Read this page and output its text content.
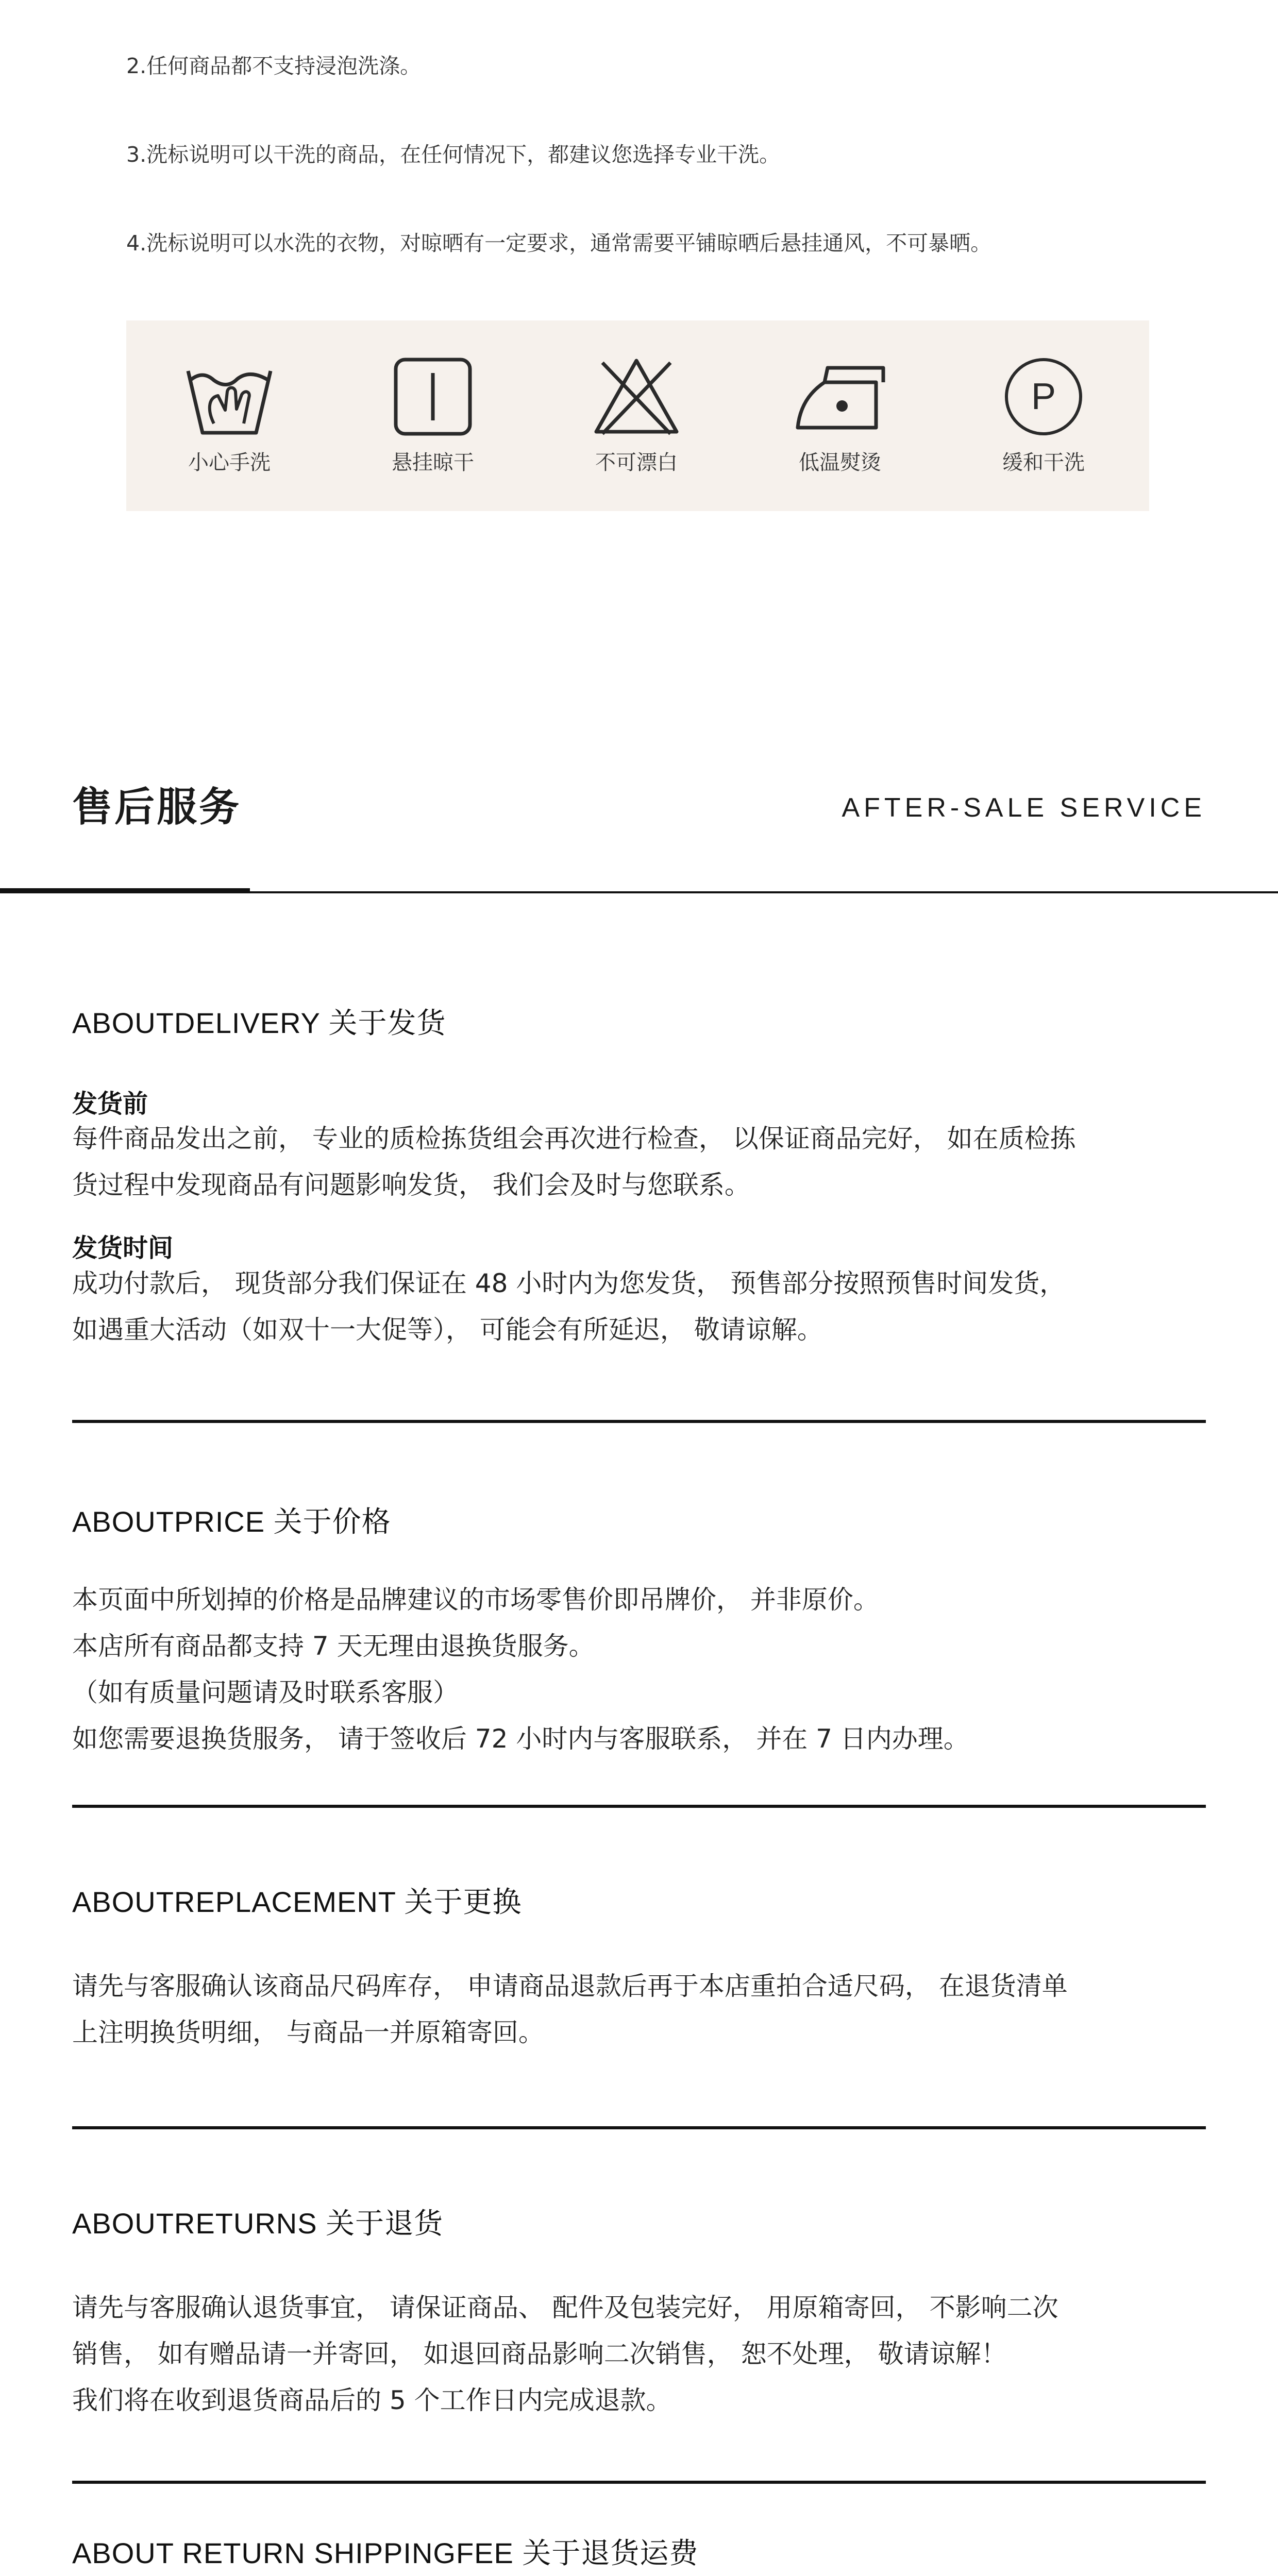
2.任何商品都不支持浸泡洗涤。
3.洗标说明可以干洗的商品，在任何情况下，都建议您选择专业干洗。
4.洗标说明可以水洗的衣物，对晾晒有一定要求，通常需要平铺晾晒后悬挂通风，不可暴晒。
小心手洗	悬挂晾干	不可漂白	低温熨烫
P
缓和干洗
售后服务	AFTER-SALE SERVICE
ABOUTDELIVERY 关于发货
发货前
每件商品发出之前， 专业的质检拣货组会再次进行检查， 以保证商品完好， 如在质检拣
货过程中发现商品有问题影响发货， 我们会及时与您联系。
发货时间
成功付款后， 现货部分我们保证在 48 小时内为您发货， 预售部分按照预售时间发货，
如遇重大活动（如双十一大促等）， 可能会有所延迟， 敬请谅解。
ABOUTPRICE 关于价格
本页面中所划掉的价格是品牌建议的市场零售价即吊牌价， 并非原价。
本店所有商品都支持 7 天无理由退换货服务。
（如有质量问题请及时联系客服）
如您需要退换货服务， 请于签收后 72 小时内与客服联系， 并在 7 日内办理。
ABOUTREPLACEMENT 关于更换
请先与客服确认该商品尺码库存， 申请商品退款后再于本店重拍合适尺码， 在退货清单
上注明换货明细， 与商品一并原箱寄回。
ABOUTRETURNS 关于退货
请先与客服确认退货事宜， 请保证商品、 配件及包装完好， 用原箱寄回， 不影响二次
销售， 如有赠品请一并寄回， 如退回商品影响二次销售， 恕不处理， 敬请谅解！
我们将在收到退货商品后的 5 个工作日内完成退款。
ABOUT RETURN SHIPPINGFEE 关于退货运费
